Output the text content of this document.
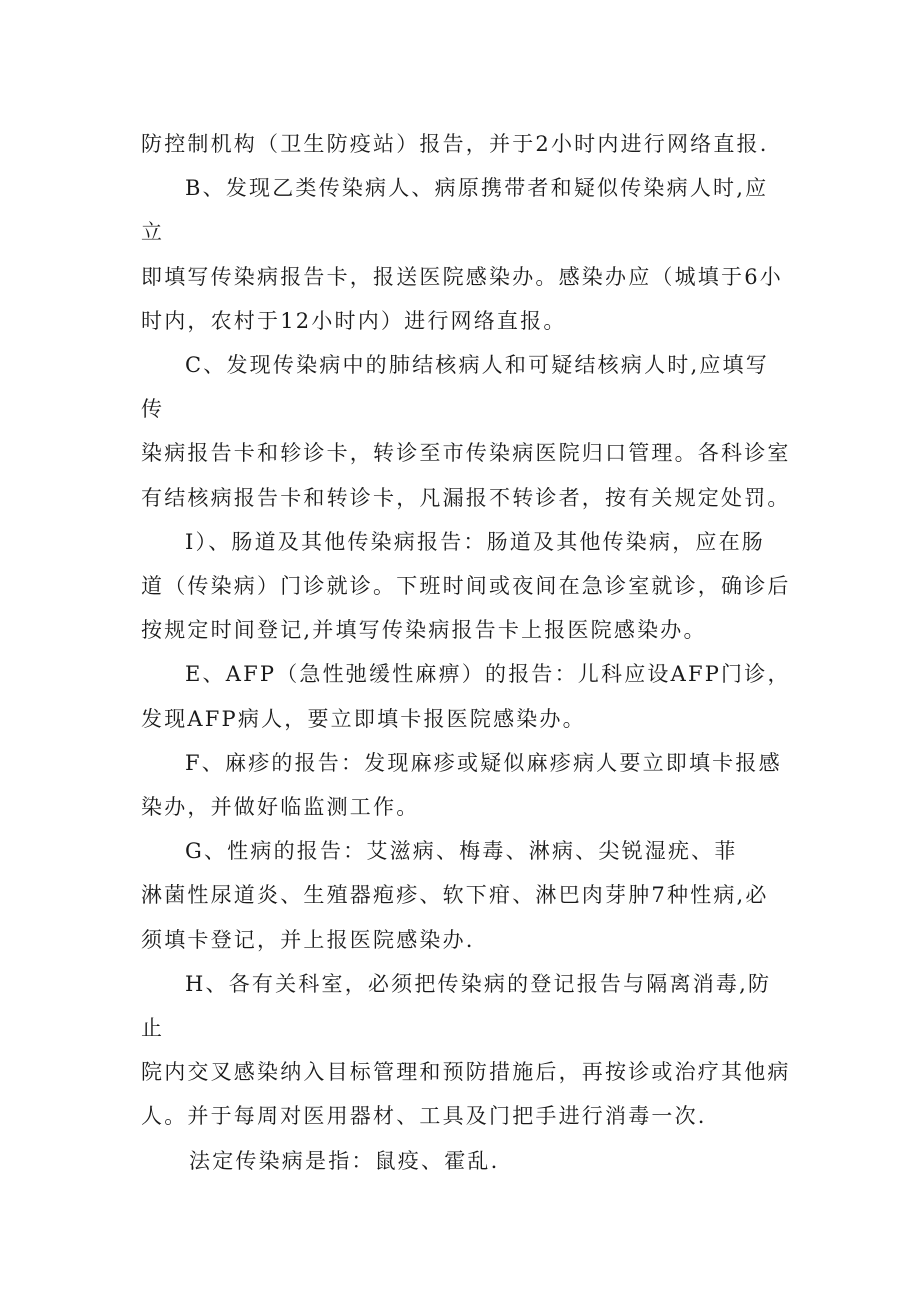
防控制机构（卫生防疫站）报告，并于2小时内进行网络直报.

B、发现乙类传染病人、病原携带者和疑似传染病人时,应立
即填写传染病报告卡，报送医院感染办。感染办应（城填于6小
时内，农村于12小时内）进行网络直报。

C、发现传染病中的肺结核病人和可疑结核病人时,应填写传
染病报告卡和轸诊卡，转诊至市传染病医院归口管理。各科诊室
有结核病报告卡和转诊卡，凡漏报不转诊者，按有关规定处罚。

I）、肠道及其他传染病报告：肠道及其他传染病，应在肠
道（传染病）门诊就诊。下班时间或夜间在急诊室就诊，确诊后
按规定时间登记,并填写传染病报告卡上报医院感染办。

E、AFP（急性弛缓性麻痹）的报告：儿科应设AFP门诊，
发现AFP病人，要立即填卡报医院感染办。

F、麻疹的报告：发现麻疹或疑似麻疹病人要立即填卡报感
染办，并做好临监测工作。

G、性病的报告：艾滋病、梅毒、淋病、尖锐湿疣、菲
淋菌性尿道炎、生殖器疱疹、软下疳、淋巴肉芽肿7种性病,必
须填卡登记，并上报医院感染办.

H、各有关科室，必须把传染病的登记报告与隔离消毒,防止
院内交叉感染纳入目标管理和预防措施后，再按诊或治疗其他病
人。并于每周对医用器材、工具及门把手进行消毒一次.

法定传染病是指：鼠疫、霍乱.
